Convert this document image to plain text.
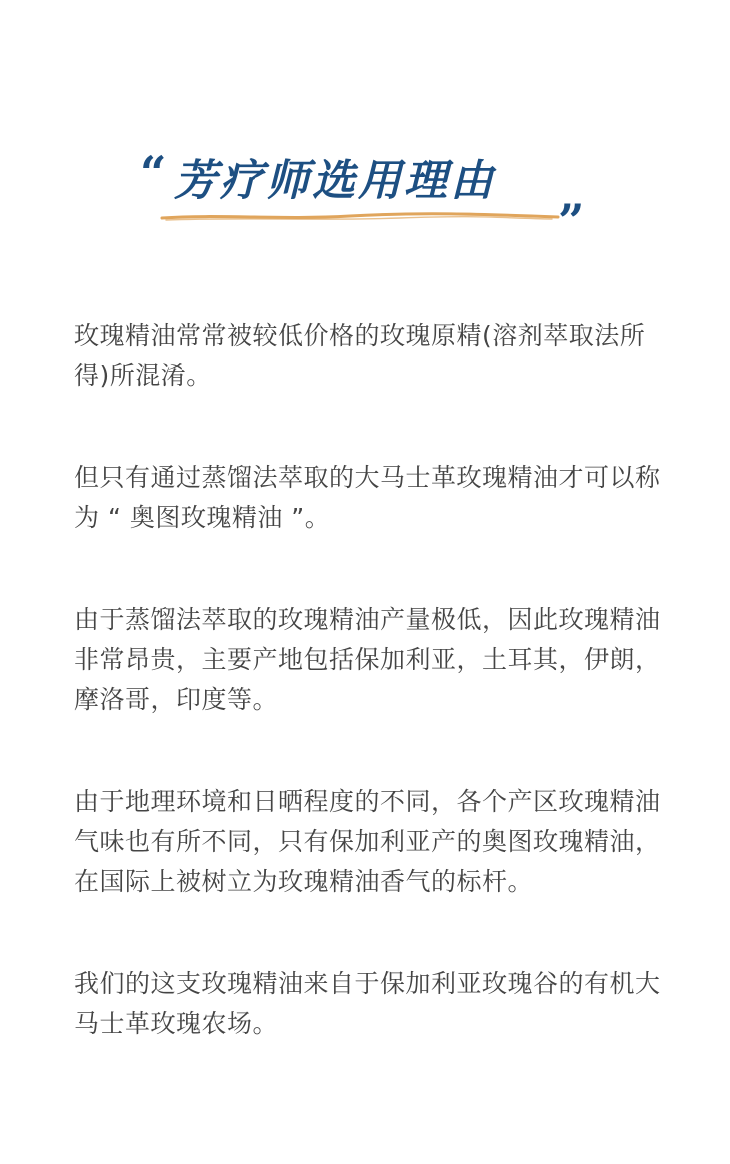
“ 芳疗师选用理由
”

玫瑰精油常常被较低价格的玫瑰原精(溶剂萃取法所得)所混淆。

但只有通过蒸馏法萃取的大马士革玫瑰精油才可以称为 “ 奥图玫瑰精油 ”。

由于蒸馏法萃取的玫瑰精油产量极低，因此玫瑰精油非常昂贵，主要产地包括保加利亚，土耳其，伊朗，摩洛哥，印度等。

由于地理环境和日晒程度的不同，各个产区玫瑰精油气味也有所不同，只有保加利亚产的奥图玫瑰精油，在国际上被树立为玫瑰精油香气的标杆。

我们的这支玫瑰精油来自于保加利亚玫瑰谷的有机大马士革玫瑰农场。
